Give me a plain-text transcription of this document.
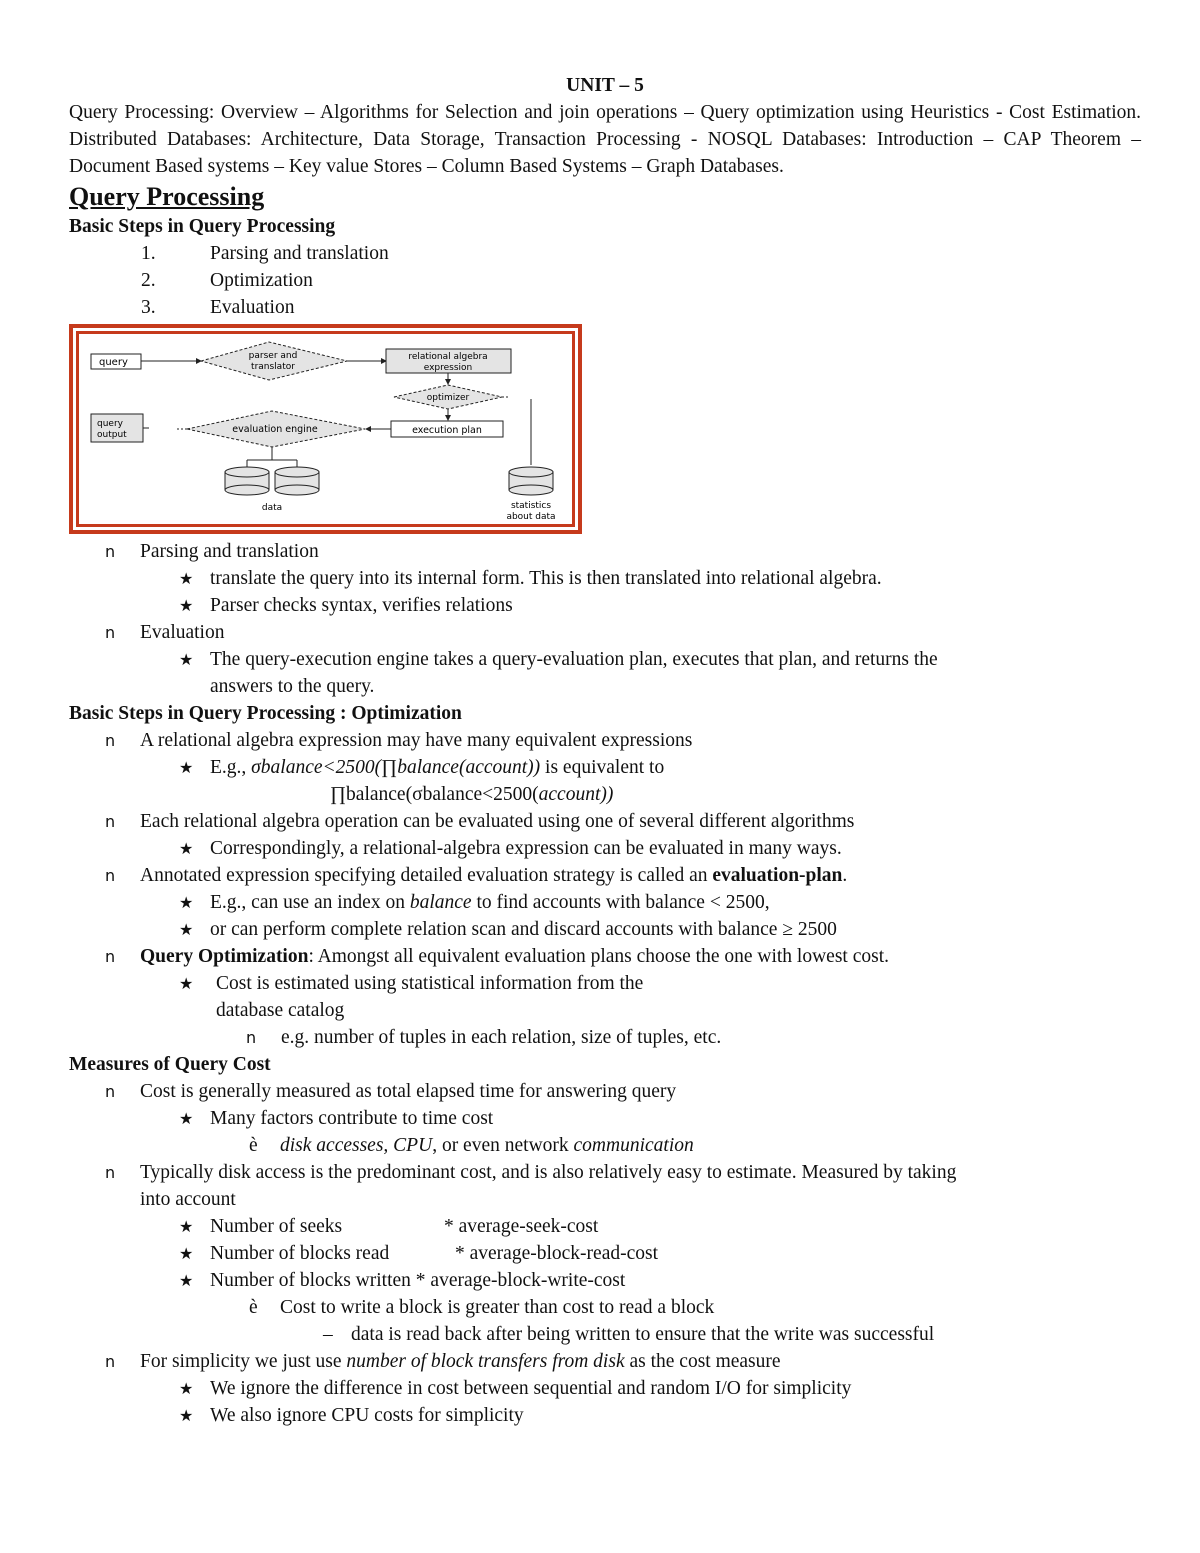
UNIT – 5

Query Processing: Overview – Algorithms for Selection and join operations – Query optimization using Heuristics - Cost Estimation. Distributed Databases: Architecture, Data Storage, Transaction Processing - NOSQL Databases: Introduction – CAP Theorem – Document Based systems – Key value Stores – Column Based Systems – Graph Databases.

Query Processing
Basic Steps in Query Processing
1.	Parsing and translation
2.	Optimization
3.	Evaluation
query
parser and
translator
relational algebra
expression
optimizer
execution plan
evaluation engine
query
output
data	statistics
about data
n Parsing and translation
★ translate the query into its internal form. This is then translated into relational algebra.
★ Parser checks syntax, verifies relations
n Evaluation
★ The query-execution engine takes a query-evaluation plan, executes that plan, and returns the
answers to the query.
Basic Steps in Query Processing : Optimization
n A relational algebra expression may have many equivalent expressions
★ E.g., σbalance<2500(∏balance(account)) is equivalent to
∏balance(σbalance<2500(account))
n Each relational algebra operation can be evaluated using one of several different algorithms
★ Correspondingly, a relational-algebra expression can be evaluated in many ways.
n Annotated expression specifying detailed evaluation strategy is called an evaluation-plan.
★ E.g., can use an index on balance to find accounts with balance < 2500,
★ or can perform complete relation scan and discard accounts with balance ≥ 2500
n Query Optimization: Amongst all equivalent evaluation plans choose the one with lowest cost.
★ Cost is estimated using statistical information from the
database catalog
n e.g. number of tuples in each relation, size of tuples, etc.
Measures of Query Cost
n Cost is generally measured as total elapsed time for answering query
★ Many factors contribute to time cost
è disk accesses, CPU, or even network communication
n Typically disk access is the predominant cost, and is also relatively easy to estimate. Measured by taking
into account
★ Number of seeks	* average-seek-cost
★ Number of blocks read	* average-block-read-cost
★ Number of blocks written * average-block-write-cost
è Cost to write a block is greater than cost to read a block
– data is read back after being written to ensure that the write was successful
n For simplicity we just use number of block transfers from disk as the cost measure
★ We ignore the difference in cost between sequential and random I/O for simplicity
★ We also ignore CPU costs for simplicity
